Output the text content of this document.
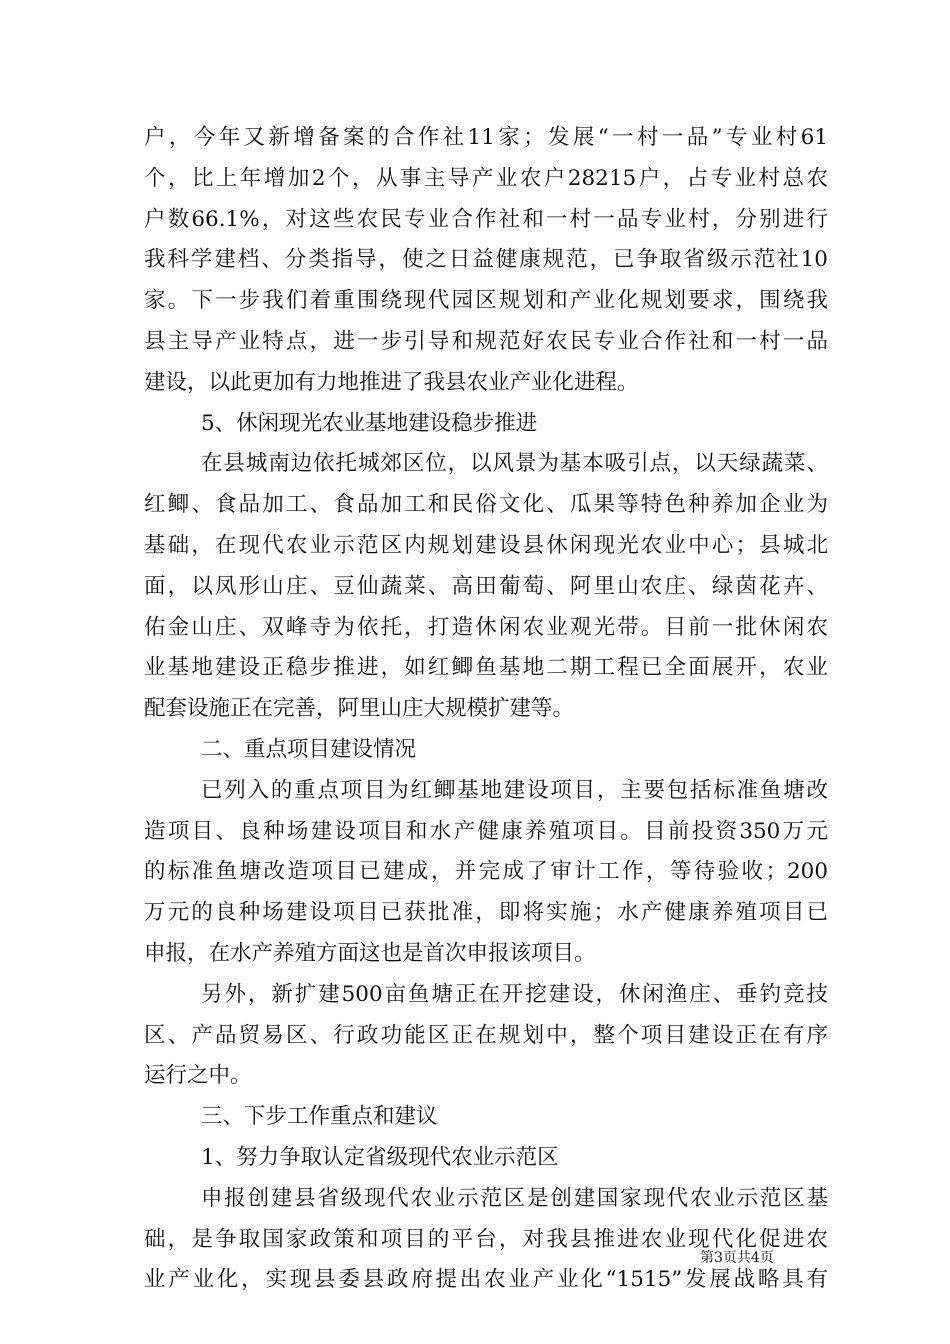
户，今年又新增备案的合作社11家；发展“一村一品”专业村61
个，比上年增加2个，从事主导产业农户28215户，占专业村总农
户数66.1%，对这些农民专业合作社和一村一品专业村，分别进行
我科学建档、分类指导，使之日益健康规范，已争取省级示范社10
家。下一步我们着重围绕现代园区规划和产业化规划要求，围绕我
县主导产业特点，进一步引导和规范好农民专业合作社和一村一品
建设，以此更加有力地推进了我县农业产业化进程。
5、休闲现光农业基地建设稳步推进
在县城南边依托城郊区位，以风景为基本吸引点，以天绿蔬菜、
红鲫、食品加工、食品加工和民俗文化、瓜果等特色种养加企业为
基础，在现代农业示范区内规划建设县休闲现光农业中心；县城北
面，以凤形山庄、豆仙蔬菜、高田葡萄、阿里山农庄、绿茵花卉、
佑金山庄、双峰寺为依托，打造休闲农业观光带。目前一批休闲农
业基地建设正稳步推进，如红鲫鱼基地二期工程已全面展开，农业
配套设施正在完善，阿里山庄大规模扩建等。
二、重点项目建设情况
已列入的重点项目为红鲫基地建设项目，主要包括标准鱼塘改
造项目、良种场建设项目和水产健康养殖项目。目前投资350万元
的标准鱼塘改造项目已建成，并完成了审计工作，等待验收；200
万元的良种场建设项目已获批准，即将实施；水产健康养殖项目已
申报，在水产养殖方面这也是首次申报该项目。
另外，新扩建500亩鱼塘正在开挖建设，休闲渔庄、垂钓竞技
区、产品贸易区、行政功能区正在规划中，整个项目建设正在有序
运行之中。
三、下步工作重点和建议
1、努力争取认定省级现代农业示范区
申报创建县省级现代农业示范区是创建国家现代农业示范区基
础，是争取国家政策和项目的平台，对我县推进农业现代化促进农
业产业化，实现县委县政府提出农业产业化“1515”发展战略具有
第3页共4页
